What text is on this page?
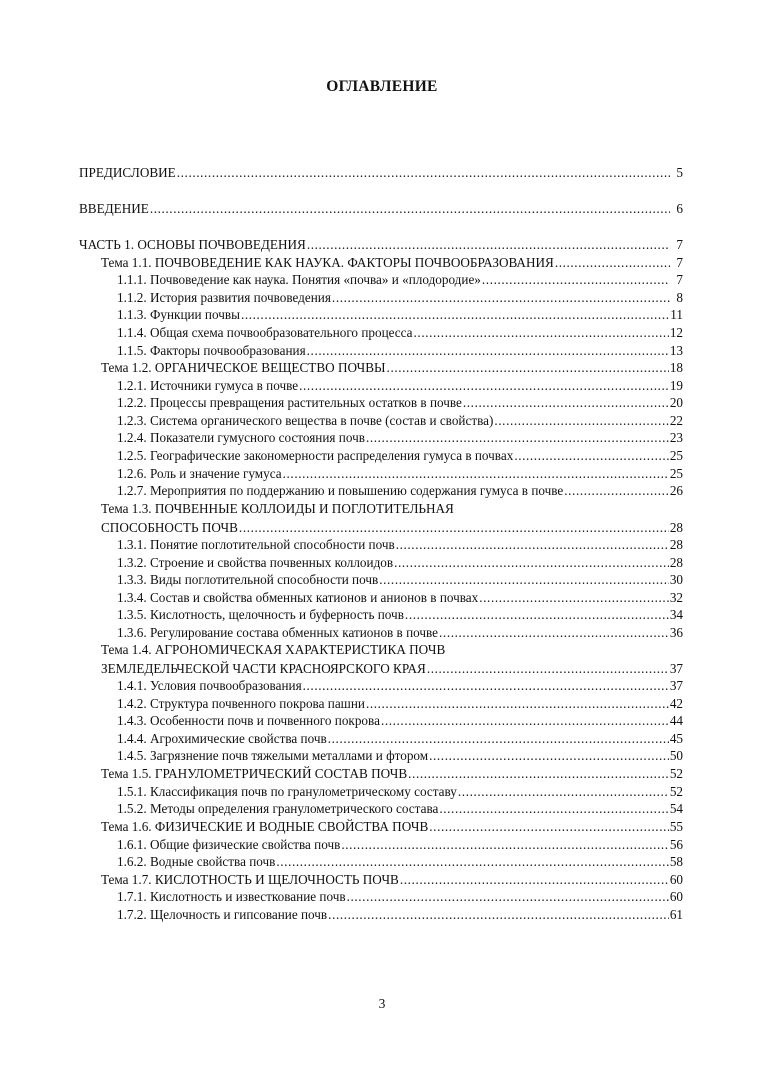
ОГЛАВЛЕНИЕ
ПРЕДИСЛОВИЕ .....	5
ВВЕДЕНИЕ .....	6
ЧАСТЬ 1. ОСНОВЫ ПОЧВОВЕДЕНИЯ .....	7
Тема 1.1. ПОЧВОВЕДЕНИЕ КАК НАУКА. ФАКТОРЫ ПОЧВООБРАЗОВАНИЯ .....	7
1.1.1. Почвоведение как наука. Понятия «почва» и «плодородие» .....	7
1.1.2. История развития почвоведения .....	8
1.1.3. Функции почвы .....	11
1.1.4. Общая схема почвообразовательного процесса .....	12
1.1.5. Факторы почвообразования .....	13
Тема 1.2. ОРГАНИЧЕСКОЕ ВЕЩЕСТВО ПОЧВЫ .....	18
1.2.1. Источники гумуса в почве .....	19
1.2.2. Процессы превращения растительных остатков в почве .....	20
1.2.3. Система органического вещества в почве (состав и свойства) .....	22
1.2.4. Показатели гумусного состояния почв .....	23
1.2.5. Географические закономерности распределения гумуса в почвах .....	25
1.2.6. Роль и значение гумуса .....	25
1.2.7. Мероприятия по поддержанию и повышению содержания гумуса в почве .....	26
Тема 1.3. ПОЧВЕННЫЕ КОЛЛОИДЫ И ПОГЛОТИТЕЛЬНАЯ
СПОСОБНОСТЬ ПОЧВ .....	28
1.3.1. Понятие поглотительной способности почв .....	28
1.3.2. Строение и свойства почвенных коллоидов .....	28
1.3.3. Виды поглотительной способности почв .....	30
1.3.4. Состав и свойства обменных катионов и анионов в почвах .....	32
1.3.5. Кислотность, щелочность и буферность почв .....	34
1.3.6. Регулирование состава обменных катионов в почве .....	36
Тема 1.4. АГРОНОМИЧЕСКАЯ ХАРАКТЕРИСТИКА ПОЧВ
ЗЕМЛЕДЕЛЬЧЕСКОЙ ЧАСТИ КРАСНОЯРСКОГО КРАЯ .....	37
1.4.1. Условия почвообразования .....	37
1.4.2. Структура почвенного покрова пашни .....	42
1.4.3. Особенности почв и почвенного покрова .....	44
1.4.4. Агрохимические свойства почв .....	45
1.4.5. Загрязнение почв тяжелыми металлами и фтором .....	50
Тема 1.5. ГРАНУЛОМЕТРИЧЕСКИЙ СОСТАВ ПОЧВ .....	52
1.5.1. Классификация почв по гранулометрическому составу .....	52
1.5.2. Методы определения гранулометрического состава .....	54
Тема 1.6. ФИЗИЧЕСКИЕ И ВОДНЫЕ СВОЙСТВА ПОЧВ .....	55
1.6.1. Общие физические свойства почв .....	56
1.6.2. Водные свойства почв .....	58
Тема 1.7. КИСЛОТНОСТЬ И ЩЕЛОЧНОСТЬ ПОЧВ .....	60
1.7.1. Кислотность и известкование почв .....	60
1.7.2. Щелочность и гипсование почв .....	61
3
